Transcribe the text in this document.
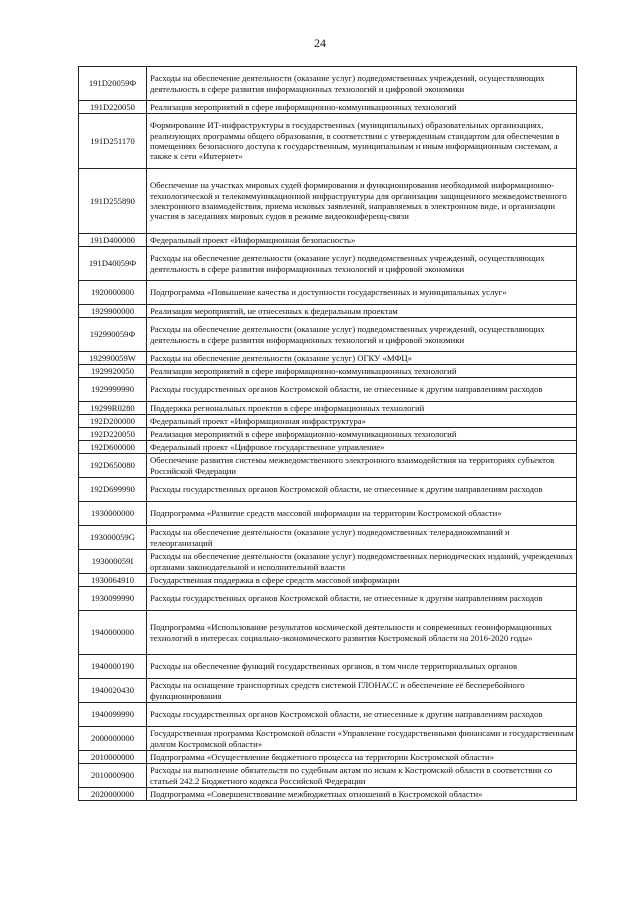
24
191D20059Ф	Расходы на обеспечение деятельности (оказание услуг) подведомственных учреждений, осуществляющих деятельность в сфере развития информационных технологий и цифровой экономики
191D220050	Реализация мероприятий в сфере информационно-коммуникационных технологий
191D251170	Формирование ИТ-инфраструктуры в государственных (муниципальных) образовательных организациях, реализующих программы общего образования, в соответствии с утвержденным стандартом для обеспечения в помещениях безопасного доступа к государственным, муниципальным и иным информационным системам, а также к сети «Интернет»
191D255890	Обеспечение на участках мировых судей формирования и функционирования необходимой информационно-технологической и телекоммуникационной инфраструктуры для организации защищенного межведомственного электронного взаимодействия, приема исковых заявлений, направляемых в электронном виде, и организации участия в заседаниях мировых судов в режиме видеоконференц-связи
191D400000	Федеральный проект «Информационная безопасность»
191D40059Ф	Расходы на обеспечение деятельности (оказание услуг) подведомственных учреждений, осуществляющих деятельность в сфере развития информационных технологий и цифровой экономики
1920000000	Подпрограмма «Повышение качества и доступности государственных и муниципальных услуг»
1929900000	Реализация мероприятий, не отнесенных к федеральным проектам
192990059Ф	Расходы на обеспечение деятельности (оказание услуг) подведомственных учреждений, осуществляющих деятельность в сфере развития информационных технологий и цифровой экономики
192990059W	Расходы на обеспечение деятельности (оказание услуг) ОГКУ «МФЦ»
1929920050	Реализация мероприятий в сфере информационно-коммуникационных технологий
1929999990	Расходы государственных органов Костромской области, не отнесенные к другим направлениям расходов
19299R0280	Поддержка региональных проектов в сфере информационных технологий
192D200000	Федеральный проект «Информационная инфраструктура»
192D220050	Реализация мероприятий в сфере информационно-коммуникационных технологий
192D600000	Федеральный проект «Цифровое государственное управление»
192D650080	Обеспечение развития системы межведомственного электронного взаимодействия на территориях субъектов Российской Федерации
192D699990	Расходы государственных органов Костромской области, не отнесенные к другим направлениям расходов
1930000000	Подпрограмма «Развитие средств массовой информации на территории Костромской области»
193000059G	Расходы на обеспечение деятельности (оказание услуг) подведомственных телерадиокомпаний и телеорганизаций
193000059I	Расходы на обеспечение деятельности (оказание услуг) подведомственных периодических изданий, учрежденных органами законодательной и исполнительной власти
1930064910	Государственная поддержка в сфере средств массовой информации
1930099990	Расходы государственных органов Костромской области, не отнесенные к другим направлениям расходов
1940000000	Подпрограмма «Использование результатов космической деятельности и современных геоинформационных технологий в интересах социально-экономического развития Костромской области на 2016-2020 годы»
1940000190	Расходы на обеспечение функций государственных органов, в том числе территориальных органов
1940020430	Расходы на оснащение транспортных средств системой ГЛОНАСС и обеспечение её бесперебойного функционирования
1940099990	Расходы государственных органов Костромской области, не отнесенные к другим направлениям расходов
2000000000	Государственная программа Костромской области «Управление государственными финансами и государственным долгом Костромской области»
2010000000	Подпрограмма «Осуществление бюджетного процесса на территории Костромской области»
2010000900	Расходы на выполнение обязательств по судебным актам по искам к Костромской области в соответствии со статьей 242.2 Бюджетного кодекса Российской Федерации
2020000000	Подпрограмма «Совершенствование межбюджетных отношений в Костромской области»
